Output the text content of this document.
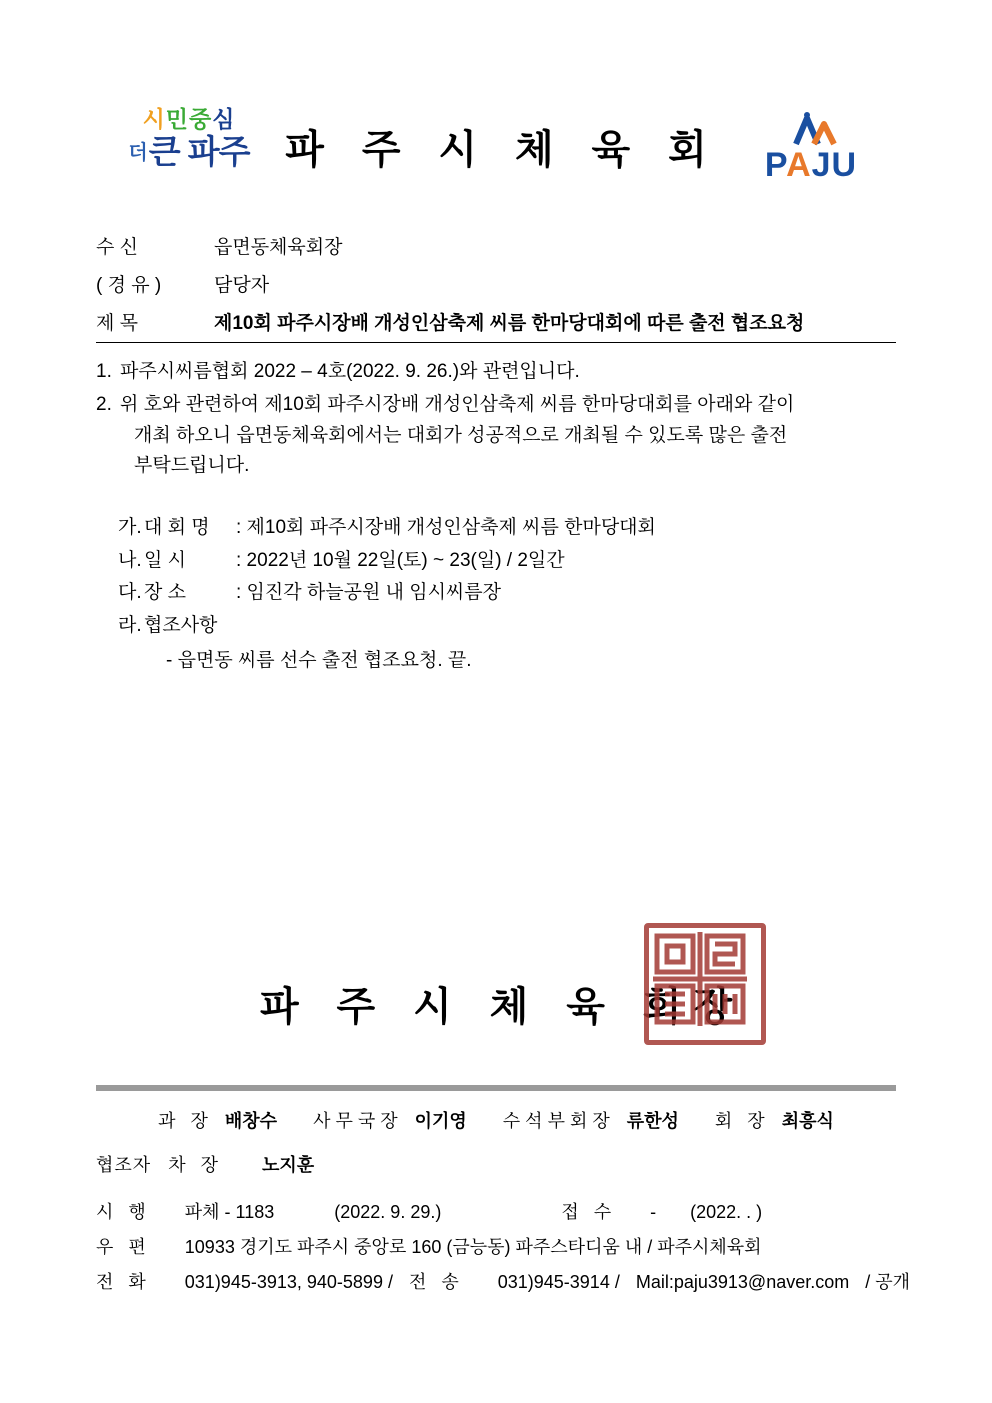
시민중심
더큰 파주 파 주 시 체 육 회	PAJU
수 신	읍면동체육회장
( 경 유 )	담당자
제 목	제10회 파주시장배 개성인삼축제 씨름 한마당대회에 따른 출전 협조요청
1. 파주시씨름협회 2022 – 4호(2022. 9. 26.)와 관련입니다.
2. 위 호와 관련하여 제10회 파주시장배 개성인삼축제 씨름 한마당대회를 아래와 같이
개최 하오니 읍면동체육회에서는 대회가 성공적으로 개최될 수 있도록 많은 출전
부탁드립니다.
가. 대 회 명	: 제10회 파주시장배 개성인삼축제 씨름 한마당대회
나. 일 시	: 2022년 10월 22일(토) ~ 23(일) / 2일간
다. 장 소	: 임진각 하늘공원 내 임시씨름장
라. 협조사항
- 읍면동 씨름 선수 출전 협조요청. 끝.
파 주 시 체 육 회장
과 장 배창수 사무국장 이기영 수석부회장 류한성 회 장 최흥식
협조자 차 장 노지훈
시 행 파체 - 1183	(2022. 9. 29.)	접 수 - (2022. . )
우 편 10933 경기도 파주시 중앙로 160 (금능동) 파주스타디움 내 / 파주시체육회
전 화 031)945-3913, 940-5899 / 전 송 031)945-3914 / Mail:paju3913@naver.com / 공개
